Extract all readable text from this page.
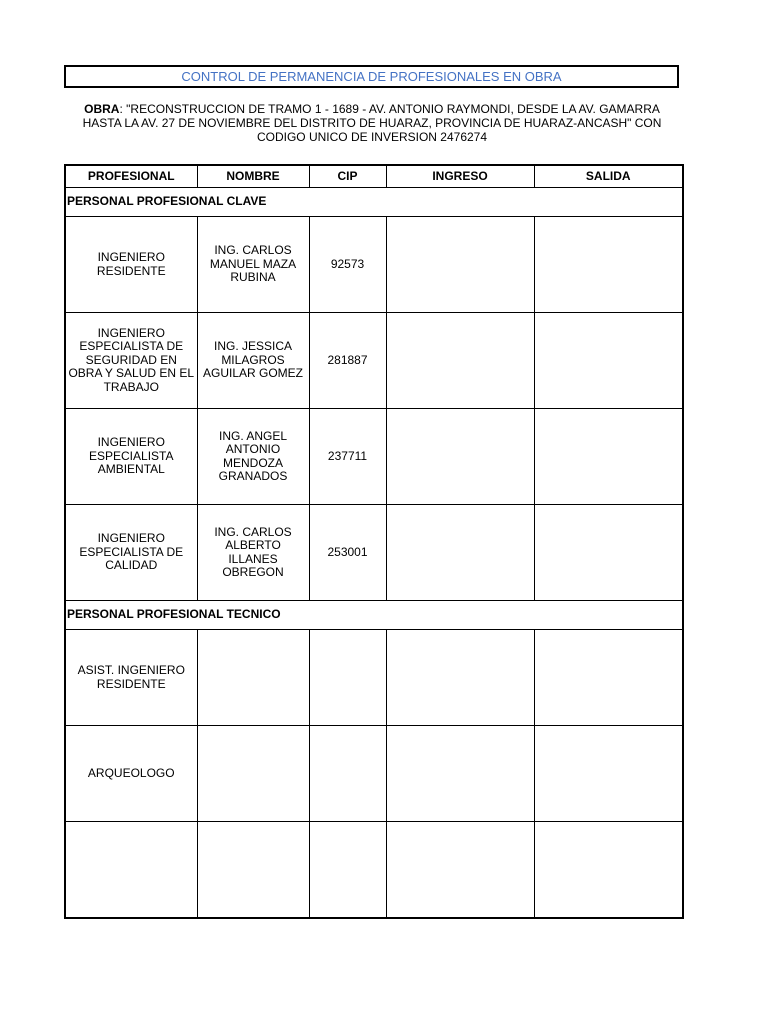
CONTROL DE PERMANENCIA DE PROFESIONALES EN OBRA
OBRA: "RECONSTRUCCION DE TRAMO 1 - 1689 - AV. ANTONIO RAYMONDI, DESDE LA AV. GAMARRA HASTA LA AV. 27 DE NOVIEMBRE DEL DISTRITO DE HUARAZ, PROVINCIA DE HUARAZ-ANCASH" CON CODIGO UNICO DE INVERSION 2476274
PROFESIONAL	NOMBRE	CIP	INGRESO	SALIDA
PERSONAL PROFESIONAL CLAVE				
INGENIERO RESIDENTE	ING. CARLOS MANUEL MAZA RUBINA	92573		
INGENIERO ESPECIALISTA DE SEGURIDAD EN OBRA Y SALUD EN EL TRABAJO	ING. JESSICA MILAGROS AGUILAR GOMEZ	281887		
INGENIERO ESPECIALISTA AMBIENTAL	ING. ANGEL ANTONIO MENDOZA GRANADOS	237711		
INGENIERO ESPECIALISTA DE CALIDAD	ING. CARLOS ALBERTO ILLANES OBREGON	253001		
PERSONAL PROFESIONAL TECNICO				
ASIST. INGENIERO RESIDENTE				
ARQUEOLOGO				
